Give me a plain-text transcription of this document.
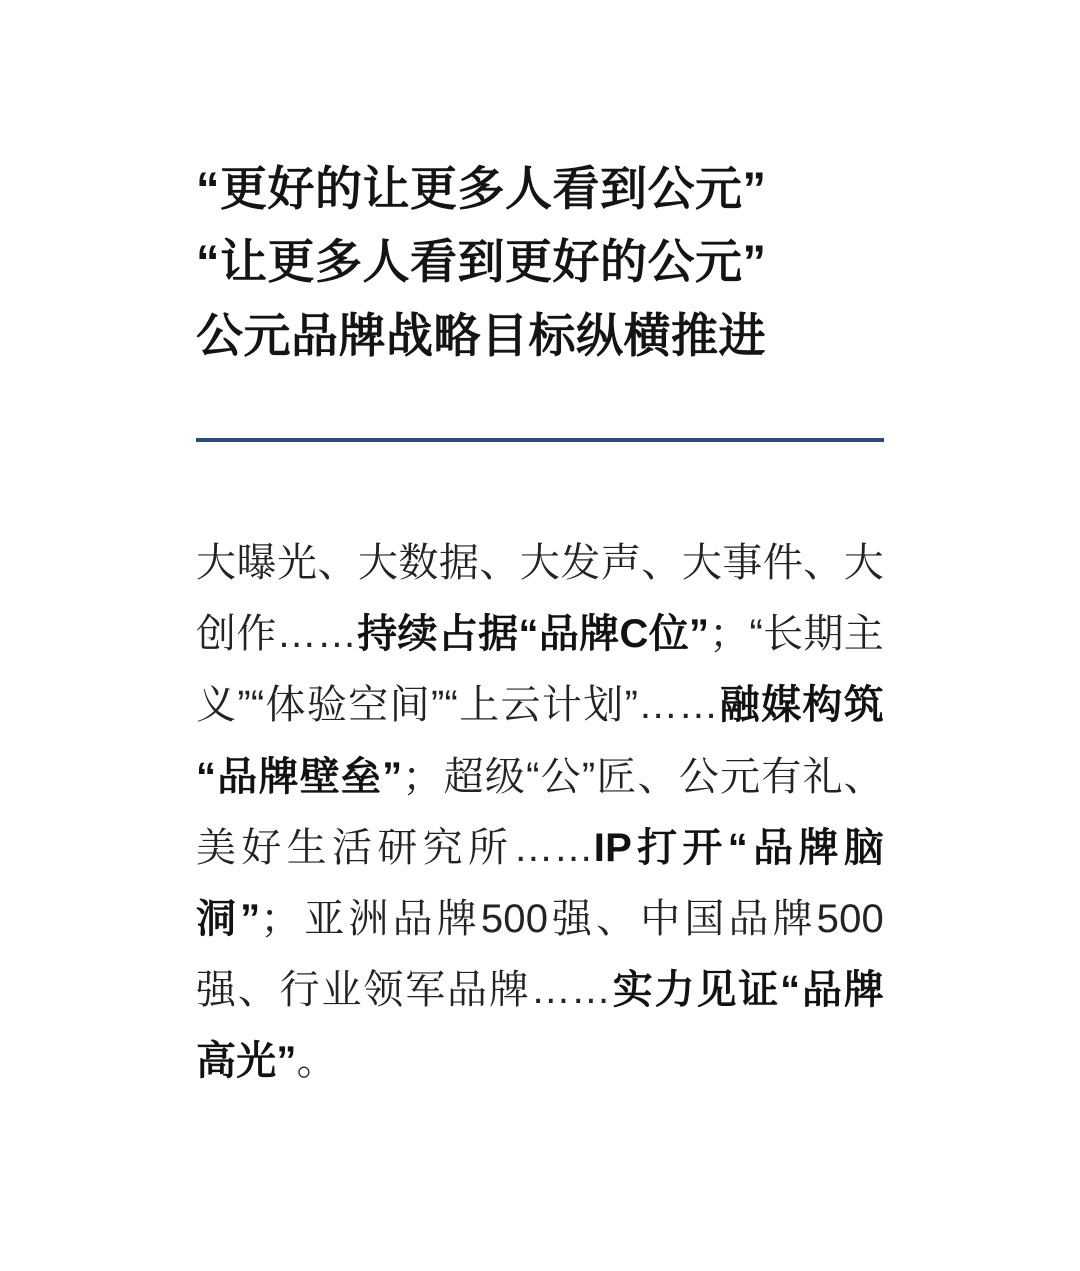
“更好的让更多人看到公元”
“让更多人看到更好的公元”
公元品牌战略目标纵横推进

大曝光、大数据、大发声、大事件、大创作……持续占据“品牌C位”；“长期主义”“体验空间”“上云计划”……融媒构筑“品牌壁垒”；超级“公”匠、公元有礼、美好生活研究所……IP打开“品牌脑洞”；亚洲品牌500强、中国品牌500强、行业领军品牌……实力见证“品牌高光”。
